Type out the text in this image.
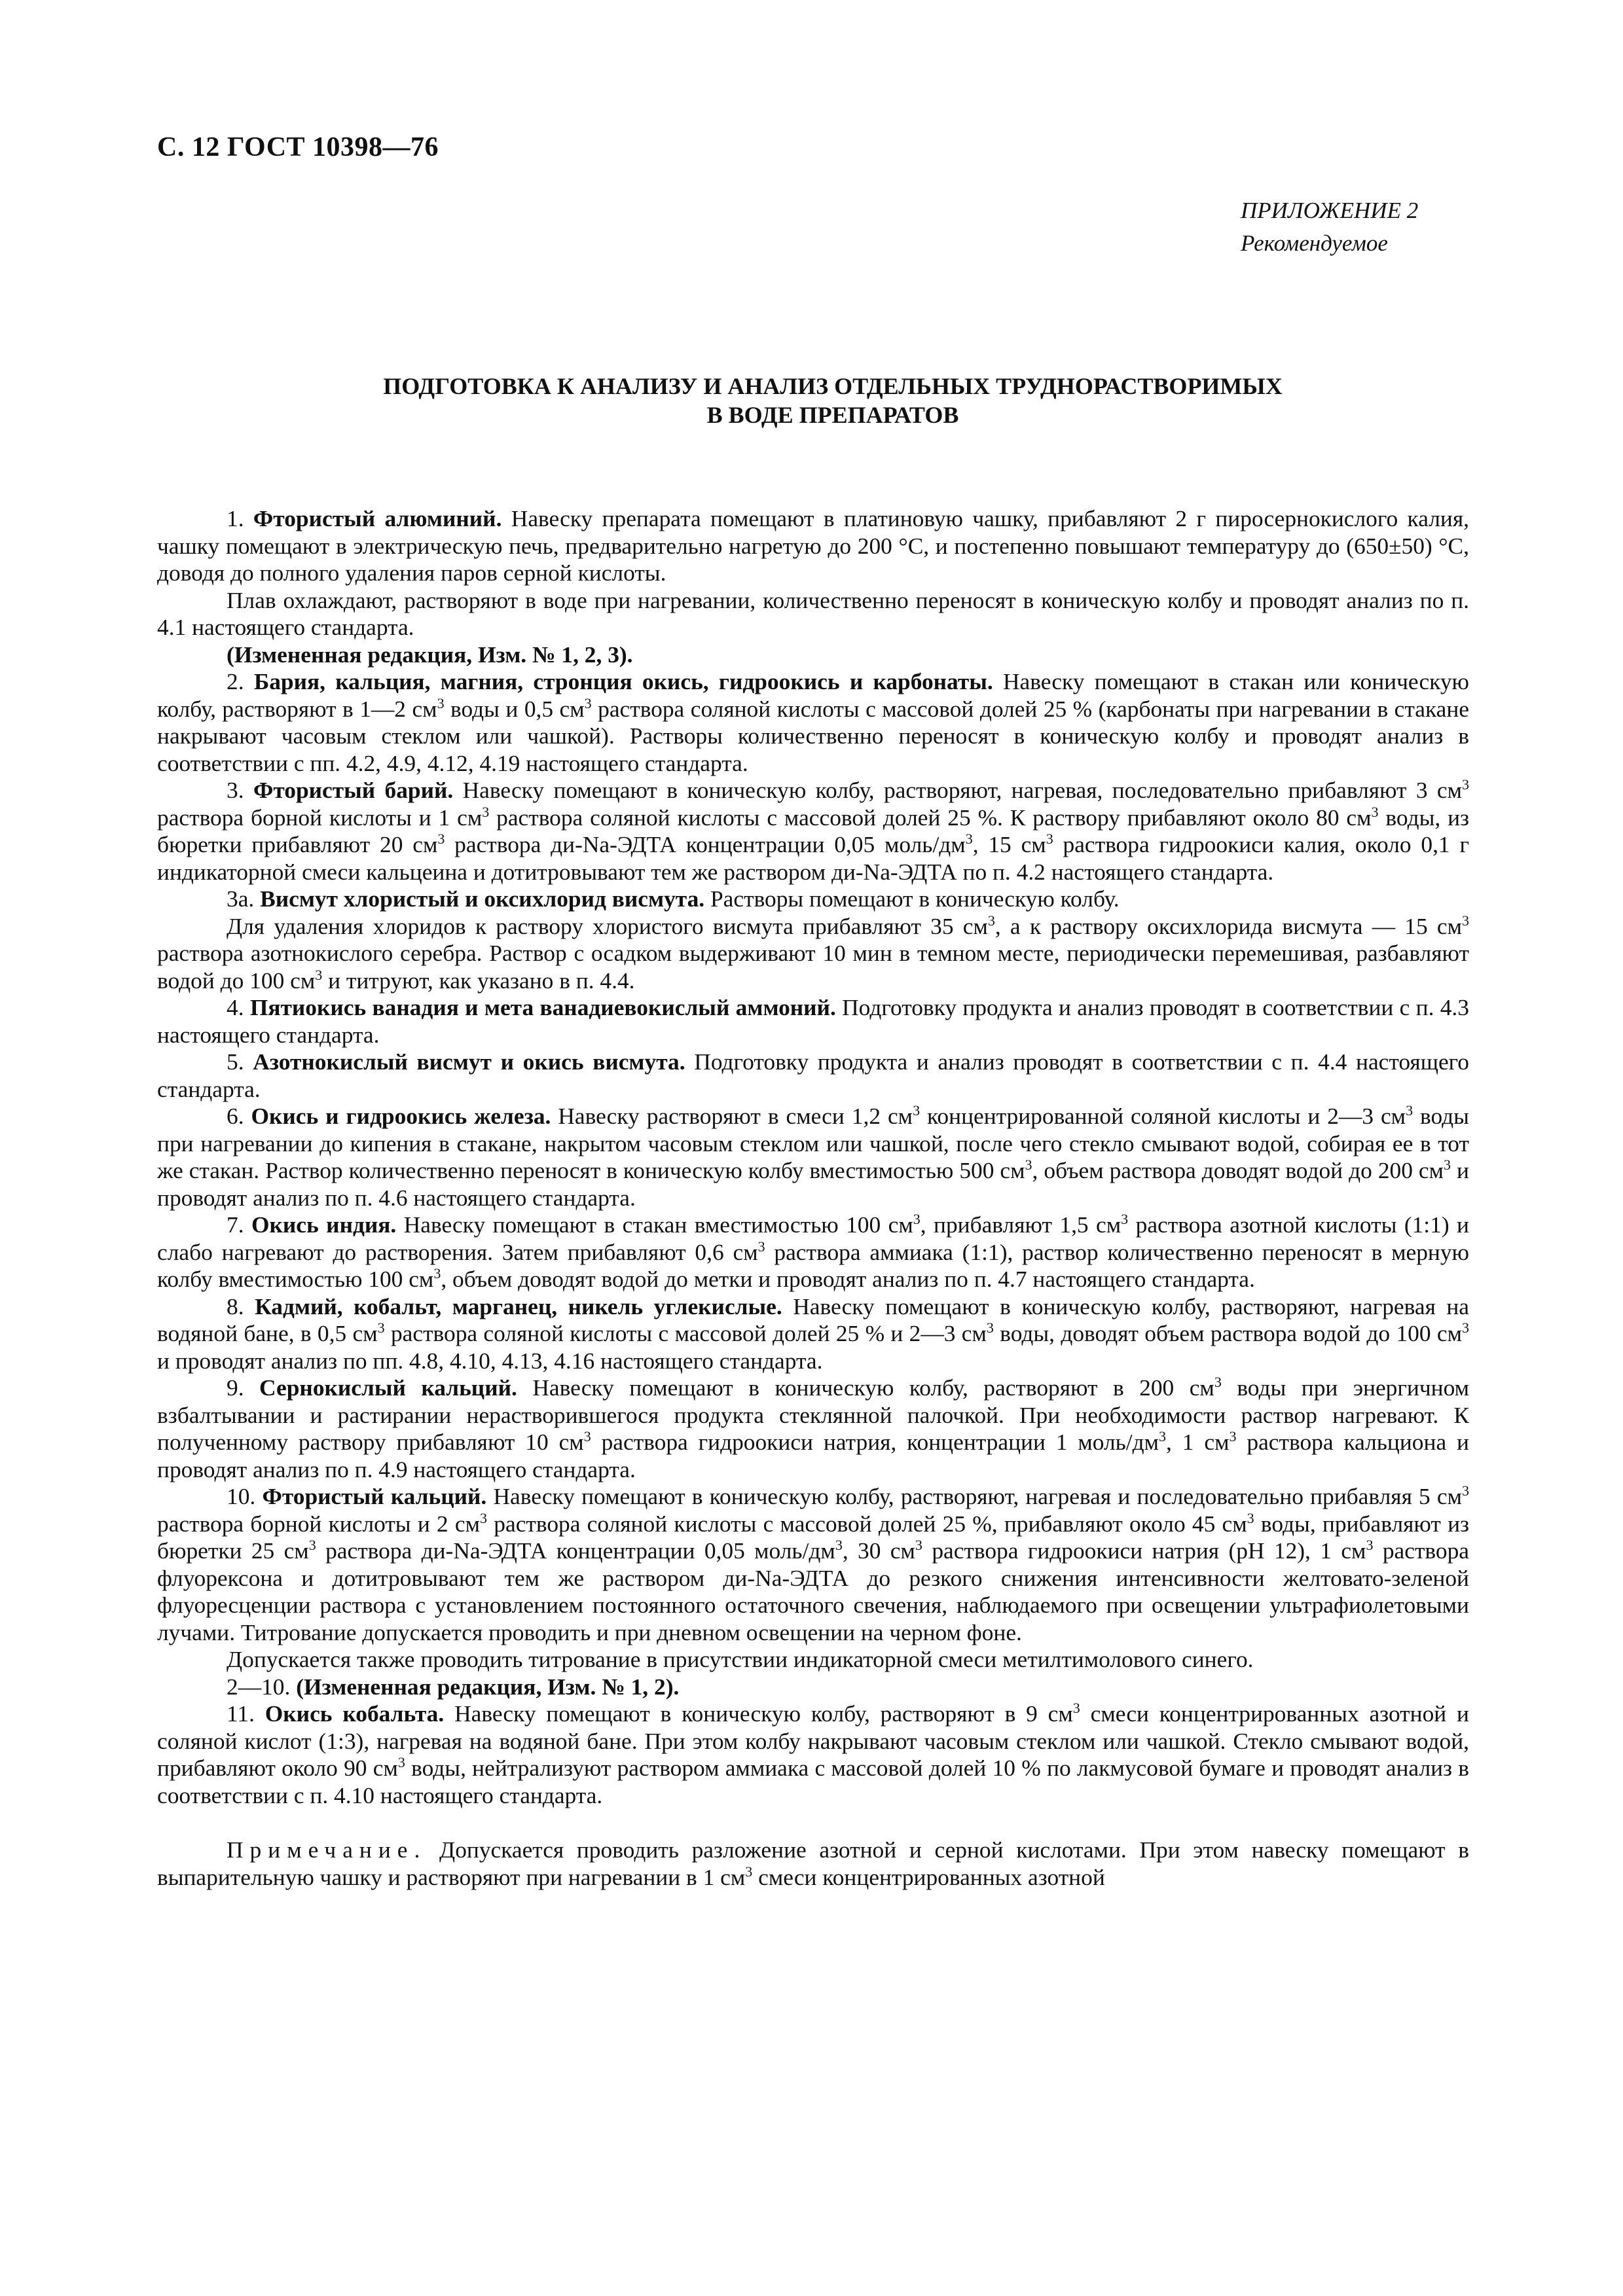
С. 12 ГОСТ 10398—76
ПРИЛОЖЕНИЕ 2
Рекомендуемое
ПОДГОТОВКА К АНАЛИЗУ И АНАЛИЗ ОТДЕЛЬНЫХ ТРУДНОРАСТВОРИМЫХ
В ВОДЕ ПРЕПАРАТОВ

1. Фтористый алюминий. Навеску препарата помещают в платиновую чашку, прибавляют 2 г пиросернокислого калия, чашку помещают в электрическую печь, предварительно нагретую до 200 °С, и постепенно повышают температуру до (650±50) °С, доводя до полного удаления паров серной кислоты.

Плав охлаждают, растворяют в воде при нагревании, количественно переносят в коническую колбу и проводят анализ по п. 4.1 настоящего стандарта.

(Измененная редакция, Изм. № 1, 2, 3).

2. Бария, кальция, магния, стронция окись, гидроокись и карбонаты. Навеску помещают в стакан или коническую колбу, растворяют в 1—2 $см^3$ воды и 0,5 $см^3$ раствора соляной кислоты с массовой долей 25 % (карбонаты при нагревании в стакане накрывают часовым стеклом или чашкой). Растворы количественно переносят в коническую колбу и проводят анализ в соответствии с пп. 4.2, 4.9, 4.12, 4.19 настоящего стандарта.

3. Фтористый барий. Навеску помещают в коническую колбу, растворяют, нагревая, последовательно прибавляют 3 $см^3$ раствора борной кислоты и 1 $см^3$ раствора соляной кислоты с массовой долей 25 %. К раствору прибавляют около 80 $см^3$ воды, из бюретки прибавляют 20 $см^3$ раствора ди-Na-ЭДТА концентрации 0,05 моль/$дм^3$, 15 $см^3$ раствора гидроокиси калия, около 0,1 г индикаторной смеси кальцеина и дотитровывают тем же раствором ди-Na-ЭДТА по п. 4.2 настоящего стандарта.

3а. Висмут хлористый и оксихлорид висмута. Растворы помещают в коническую колбу.

Для удаления хлоридов к раствору хлористого висмута прибавляют 35 $см^3$, а к раствору оксихлорида висмута — 15 $см^3$ раствора азотнокислого серебра. Раствор с осадком выдерживают 10 мин в темном месте, периодически перемешивая, разбавляют водой до 100 $см^3$ и титруют, как указано в п. 4.4.

4. Пятиокись ванадия и мета ванадиевокислый аммоний. Подготовку продукта и анализ проводят в соответствии с п. 4.3 настоящего стандарта.

5. Азотнокислый висмут и окись висмута. Подготовку продукта и анализ проводят в соответствии с п. 4.4 настоящего стандарта.

6. Окись и гидроокись железа. Навеску растворяют в смеси 1,2 $см^3$ концентрированной соляной кислоты и 2—3 $см^3$ воды при нагревании до кипения в стакане, накрытом часовым стеклом или чашкой, после чего стекло смывают водой, собирая ее в тот же стакан. Раствор количественно переносят в коническую колбу вместимостью 500 $см^3$, объем раствора доводят водой до 200 $см^3$ и проводят анализ по п. 4.6 настоящего стандарта.

7. Окись индия. Навеску помещают в стакан вместимостью 100 $см^3$, прибавляют 1,5 $см^3$ раствора азотной кислоты (1:1) и слабо нагревают до растворения. Затем прибавляют 0,6 $см^3$ раствора аммиака (1:1), раствор количественно переносят в мерную колбу вместимостью 100 $см^3$, объем доводят водой до метки и проводят анализ по п. 4.7 настоящего стандарта.

8. Кадмий, кобальт, марганец, никель углекислые. Навеску помещают в коническую колбу, растворяют, нагревая на водяной бане, в 0,5 $см^3$ раствора соляной кислоты с массовой долей 25 % и 2—3 $см^3$ воды, доводят объем раствора водой до 100 $см^3$ и проводят анализ по пп. 4.8, 4.10, 4.13, 4.16 настоящего стандарта.

9. Сернокислый кальций. Навеску помещают в коническую колбу, растворяют в 200 $см^3$ воды при энергичном взбалтывании и растирании нерастворившегося продукта стеклянной палочкой. При необходимости раствор нагревают. К полученному раствору прибавляют 10 $см^3$ раствора гидроокиси натрия, концентрации 1 моль/$дм^3$, 1 $см^3$ раствора кальциона и проводят анализ по п. 4.9 настоящего стандарта.

10. Фтористый кальций. Навеску помещают в коническую колбу, растворяют, нагревая и последовательно прибавляя 5 $см^3$ раствора борной кислоты и 2 $см^3$ раствора соляной кислоты с массовой долей 25 %, прибавляют около 45 $см^3$ воды, прибавляют из бюретки 25 $см^3$ раствора ди-Na-ЭДТА концентрации 0,05 моль/$дм^3$, 30 $см^3$ раствора гидроокиси натрия (рН 12), 1 $см^3$ раствора флуорексона и дотитровывают тем же раствором ди-Na-ЭДТА до резкого снижения интенсивности желтовато-зеленой флуоресценции раствора с установлением постоянного остаточного свечения, наблюдаемого при освещении ультрафиолетовыми лучами. Титрование допускается проводить и при дневном освещении на черном фоне.

Допускается также проводить титрование в присутствии индикаторной смеси метилтимолового синего.

2—10. (Измененная редакция, Изм. № 1, 2).

11. Окись кобальта. Навеску помещают в коническую колбу, растворяют в 9 $см^3$ смеси концентрированных азотной и соляной кислот (1:3), нагревая на водяной бане. При этом колбу накрывают часовым стеклом или чашкой. Стекло смывают водой, прибавляют около 90 $см^3$ воды, нейтрализуют раствором аммиака с массовой долей 10 % по лакмусовой бумаге и проводят анализ в соответствии с п. 4.10 настоящего стандарта.

Примечание. Допускается проводить разложение азотной и серной кислотами. При этом навеску помещают в выпарительную чашку и растворяют при нагревании в 1 $см^3$ смеси концентрированных азотной
